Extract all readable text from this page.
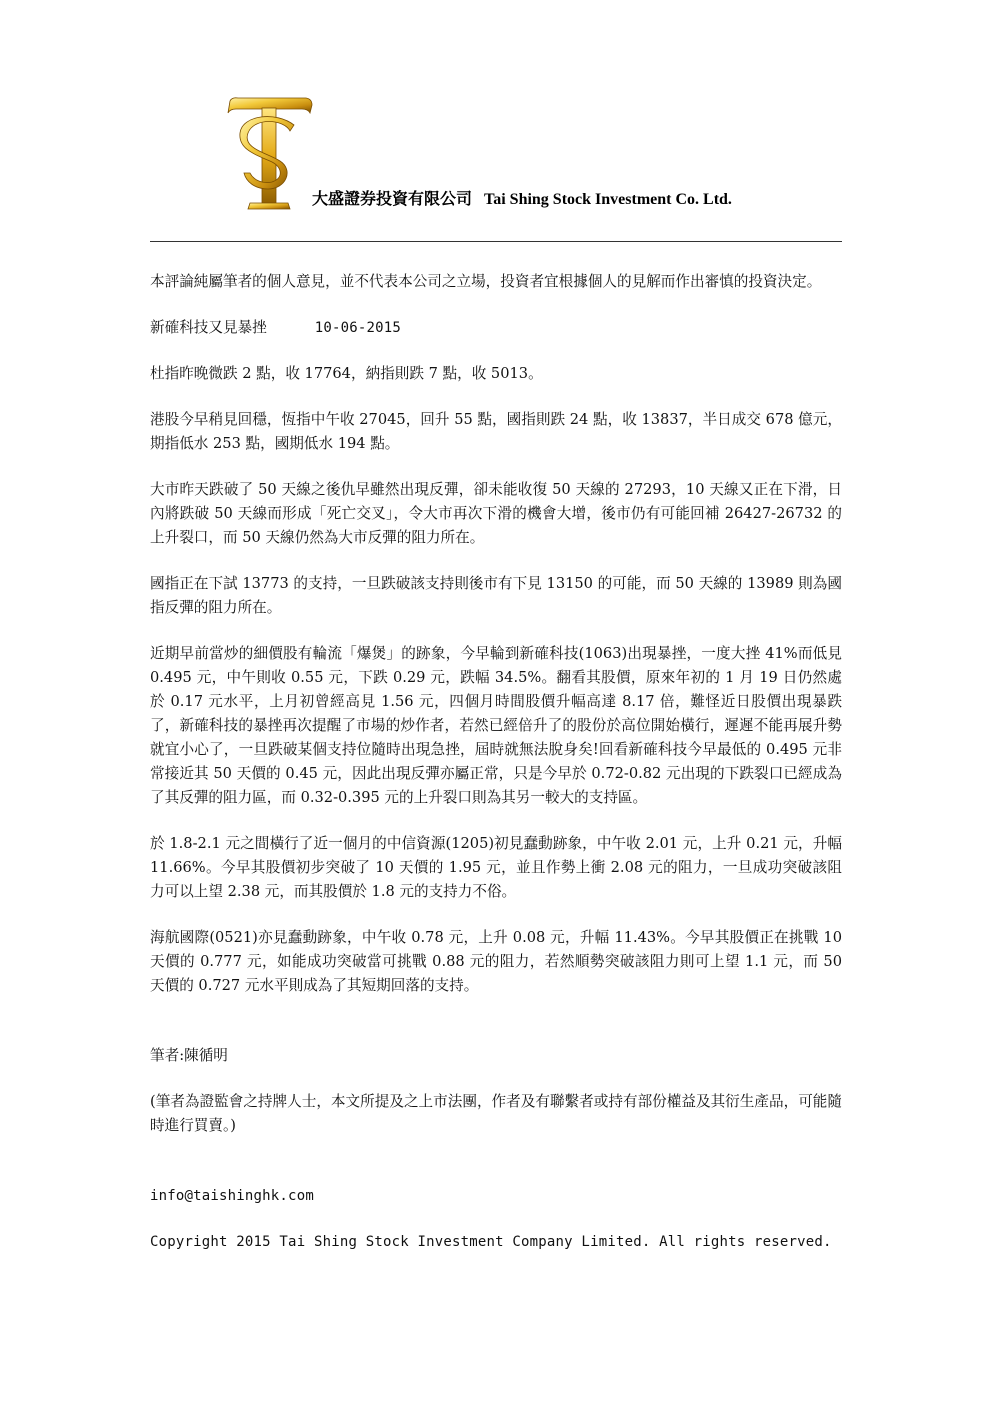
大盛證券投資有限公司 Tai Shing Stock Investment Co. Ltd.

本評論純屬筆者的個人意見，並不代表本公司之立場，投資者宜根據個人的見解而作出審慎的投資決定。

新確科技又見暴挫	10-06-2015

杜指昨晚微跌 2 點，收 17764，納指則跌 7 點，收 5013。

港股今早稍見回穩，恆指中午收 27045，回升 55 點，國指則跌 24 點，收 13837，半日成交 678 億元，期指低水 253 點，國期低水 194 點。

大市昨天跌破了 50 天線之後仇早雖然出現反彈，卻未能收復 50 天線的 27293，10 天線又正在下滑，日內將跌破 50 天線而形成「死亡交叉」，令大市再次下滑的機會大增，後市仍有可能回補 26427-26732 的上升裂口，而 50 天線仍然為大市反彈的阻力所在。

國指正在下試 13773 的支持，一旦跌破該支持則後市有下見 13150 的可能，而 50 天線的 13989 則為國指反彈的阻力所在。

近期早前當炒的細價股有輪流「爆煲」的跡象，今早輪到新確科技(1063)出現暴挫，一度大挫 41%而低見 0.495 元，中午則收 0.55 元，下跌 0.29 元，跌幅 34.5%。翻看其股價，原來年初的 1 月 19 日仍然處於 0.17 元水平，上月初曾經高見 1.56 元，四個月時間股價升幅高達 8.17 倍，難怪近日股價出現暴跌了，新確科技的暴挫再次提醒了市場的炒作者，若然已經倍升了的股份於高位開始橫行，遲遲不能再展升勢就宜小心了，一旦跌破某個支持位隨時出現急挫，屆時就無法脫身矣!回看新確科技今早最低的 0.495 元非常接近其 50 天價的 0.45 元，因此出現反彈亦屬正常，只是今早於 0.72-0.82 元出現的下跌裂口已經成為了其反彈的阻力區，而 0.32-0.395 元的上升裂口則為其另一較大的支持區。

於 1.8-2.1 元之間橫行了近一個月的中信資源(1205)初見蠢動跡象，中午收 2.01 元，上升 0.21 元，升幅 11.66%。今早其股價初步突破了 10 天價的 1.95 元，並且作勢上衝 2.08 元的阻力，一旦成功突破該阻力可以上望 2.38 元，而其股價於 1.8 元的支持力不俗。

海航國際(0521)亦見蠢動跡象，中午收 0.78 元，上升 0.08 元，升幅 11.43%。今早其股價正在挑戰 10 天價的 0.777 元，如能成功突破當可挑戰 0.88 元的阻力，若然順勢突破該阻力則可上望 1.1 元，而 50 天價的 0.727 元水平則成為了其短期回落的支持。

筆者:陳循明

(筆者為證監會之持牌人士，本文所提及之上市法團，作者及有聯繫者或持有部份權益及其衍生產品，可能隨時進行買賣。)

info@taishinghk.com

Copyright 2015 Tai Shing Stock Investment Company Limited. All rights reserved.
